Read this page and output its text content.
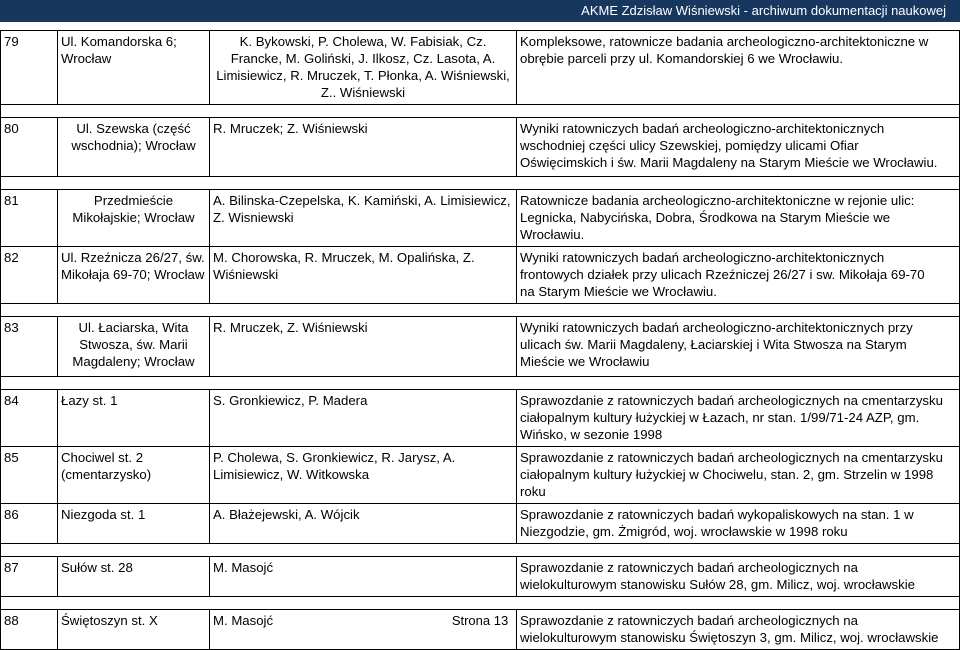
AKME Zdzisław Wiśniewski - archiwum dokumentacji naukowej
79	Ul. Komandorska 6; Wrocław	K. Bykowski, P. Cholewa, W. Fabisiak, Cz. Francke, M. Goliński, J. Ilkosz, Cz. Lasota, A. Limisiewicz, R. Mruczek, T. Płonka, A. Wiśniewski, Z.. Wiśniewski	Kompleksowe, ratownicze badania archeologiczno-architektoniczne w
obrębie parceli przy ul. Komandorskiej 6 we Wrocławiu.

80	Ul. Szewska (część wschodnia); Wrocław	R. Mruczek; Z. Wiśniewski	Wyniki ratowniczych badań archeologiczno-architektonicznych
wschodniej części ulicy Szewskiej, pomiędzy ulicami Ofiar
Oświęcimskich i św. Marii Magdaleny na Starym Mieście we Wrocławiu.

81	Przedmieście Mikołajskie; Wrocław	A. Bilinska-Czepelska, K. Kamiński, A. Limisiewicz, Z. Wisniewski	Ratownicze badania archeologiczno-architektoniczne w rejonie ulic:
Legnicka, Nabycińska, Dobra, Środkowa na Starym Mieście we
Wrocławiu.
82	Ul. Rzeźnicza 26/27, św. Mikołaja 69-70; Wrocław	M. Chorowska, R. Mruczek, M. Opalińska, Z. Wiśniewski	Wyniki ratowniczych badań archeologiczno-architektonicznych
frontowych działek przy ulicach Rzeźniczej 26/27 i sw. Mikołaja 69-70
na Starym Mieście we Wrocławiu.

83	Ul. Łaciarska, Wita Stwosza, św. Marii Magdaleny; Wrocław	R. Mruczek, Z. Wiśniewski	Wyniki ratowniczych badań archeologiczno-architektonicznych przy
ulicach św. Marii Magdaleny, Łaciarskiej i Wita Stwosza na Starym
Mieście we Wrocławiu

84	Łazy st. 1	S. Gronkiewicz, P. Madera	Sprawozdanie z ratowniczych badań archeologicznych na cmentarzysku
ciałopalnym kultury łużyckiej w Łazach, nr stan. 1/99/71-24 AZP, gm.
Wińsko, w sezonie 1998
85	Chociwel st. 2 (cmentarzysko)	P. Cholewa, S. Gronkiewicz, R. Jarysz, A. Limisiewicz, W. Witkowska	Sprawozdanie z ratowniczych badań archeologicznych na cmentarzysku
ciałopalnym kultury łużyckiej w Chociwelu, stan. 2, gm. Strzelin w 1998
roku
86	Niezgoda st. 1	A. Błażejewski, A. Wójcik	Sprawozdanie z ratowniczych badań wykopaliskowych na stan. 1 w
Niezgodzie, gm. Żmigród, woj. wrocławskie w 1998 roku

87	Sułów st. 28	M. Masojć	Sprawozdanie z ratowniczych badań archeologicznych na
wielokulturowym stanowisku Sułów 28, gm. Milicz, woj. wrocławskie

88	Świętoszyn st. X	M. Masojć	Sprawozdanie z ratowniczych badań archeologicznych na
wielokulturowym stanowisku Świętoszyn 3, gm. Milicz, woj. wrocławskie
Strona 13
